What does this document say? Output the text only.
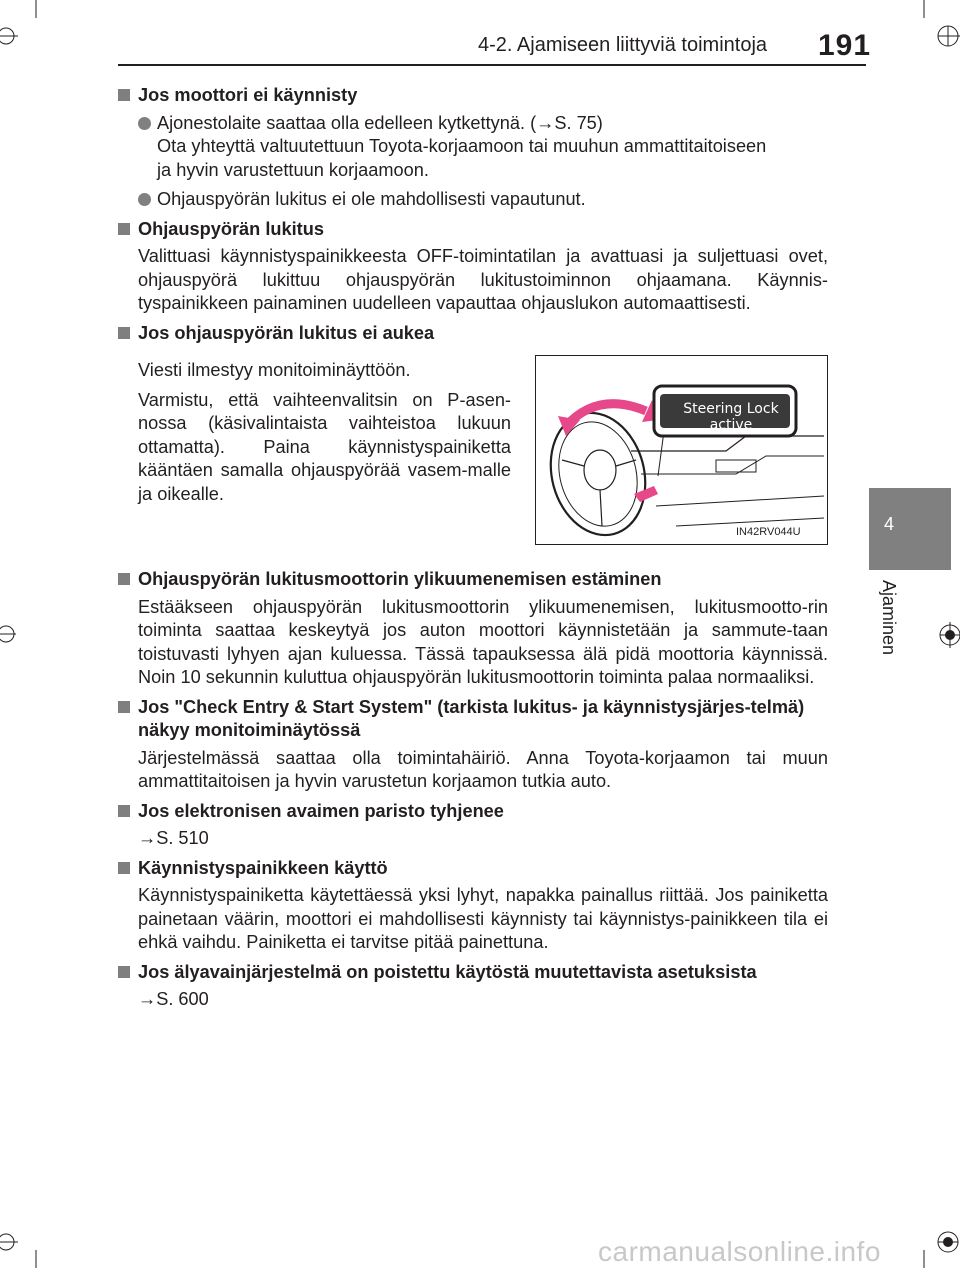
4-2. Ajamiseen liittyviä toimintoja 191
4
Ajaminen
Jos moottori ei käynnisty
Ajonestolaite saattaa olla edelleen kytkettynä. (→S. 75)
Ota yhteyttä valtuutettuun Toyota-korjaamoon tai muuhun ammattitaitoiseen
ja hyvin varustettuun korjaamoon.
Ohjauspyörän lukitus ei ole mahdollisesti vapautunut.
Ohjauspyörän lukitus
Valittuasi käynnistyspainikkeesta OFF-toimintatilan ja avattuasi ja suljettuasi ovet, ohjauspyörä lukittuu ohjauspyörän lukitustoiminnon ohjaamana. Käynnis-tyspainikkeen painaminen uudelleen vapauttaa ohjauslukon automaattisesti.
Jos ohjauspyörän lukitus ei aukea
Viesti ilmestyy monitoiminäyttöön.
Varmistu, että vaihteenvalitsin on P-asen-nossa (käsivalintaista vaihteistoa lukuun ottamatta). Paina käynnistyspainiketta kääntäen samalla ohjauspyörää vasem-malle ja oikealle.
Ohjauspyörän lukitusmoottorin ylikuumenemisen estäminen
Estääkseen ohjauspyörän lukitusmoottorin ylikuumenemisen, lukitusmootto-rin toiminta saattaa keskeytyä jos auton moottori käynnistetään ja sammute-taan toistuvasti lyhyen ajan kuluessa. Tässä tapauksessa älä pidä moottoria käynnissä. Noin 10 sekunnin kuluttua ohjauspyörän lukitusmoottorin toiminta palaa normaaliksi.
Jos "Check Entry & Start System" (tarkista lukitus- ja käynnistysjärjes-telmä) näkyy monitoiminäytössä
Järjestelmässä saattaa olla toimintahäiriö. Anna Toyota-korjaamon tai muun ammattitaitoisen ja hyvin varustetun korjaamon tutkia auto.
Jos elektronisen avaimen paristo tyhjenee
→S. 510
Käynnistyspainikkeen käyttö
Käynnistyspainiketta käytettäessä yksi lyhyt, napakka painallus riittää. Jos painiketta painetaan väärin, moottori ei mahdollisesti käynnisty tai käynnistys-painikkeen tila ei ehkä vaihdu. Painiketta ei tarvitse pitää painettuna.
Jos älyavainjärjestelmä on poistettu käytöstä muutettavista asetuksista
→S. 600
Steering Lock active
IN42RV044U
carmanualsonline.info
